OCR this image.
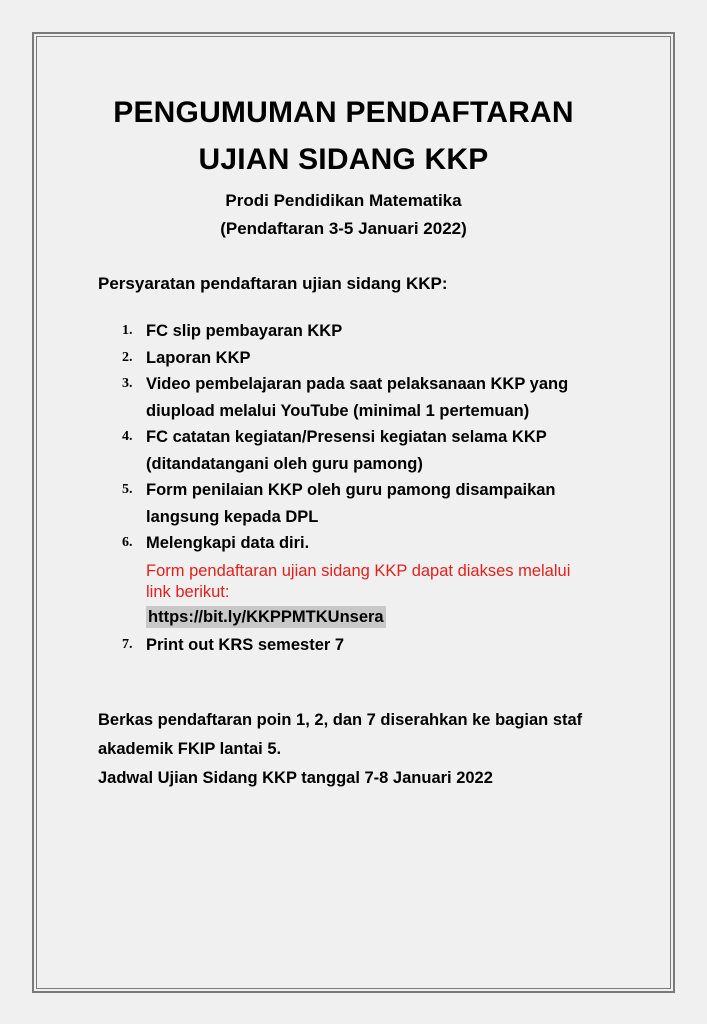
PENGUMUMAN PENDAFTARAN
UJIAN SIDANG KKP
Prodi Pendidikan Matematika
(Pendaftaran 3-5 Januari 2022)
Persyaratan pendaftaran ujian sidang KKP:
1. FC slip pembayaran KKP
2. Laporan KKP
3. Video pembelajaran pada saat pelaksanaan KKP yang
diupload melalui YouTube (minimal 1 pertemuan)
4. FC catatan kegiatan/Presensi kegiatan selama KKP
(ditandatangani oleh guru pamong)
5. Form penilaian KKP oleh guru pamong disampaikan
langsung kepada DPL
6. Melengkapi data diri.
Form pendaftaran ujian sidang KKP dapat diakses melalui
link berikut:
https://bit.ly/KKPPMTKUnsera
7. Print out KRS semester 7
Berkas pendaftaran poin 1, 2, dan 7 diserahkan ke bagian staf
akademik FKIP lantai 5.
Jadwal Ujian Sidang KKP tanggal 7-8 Januari 2022
